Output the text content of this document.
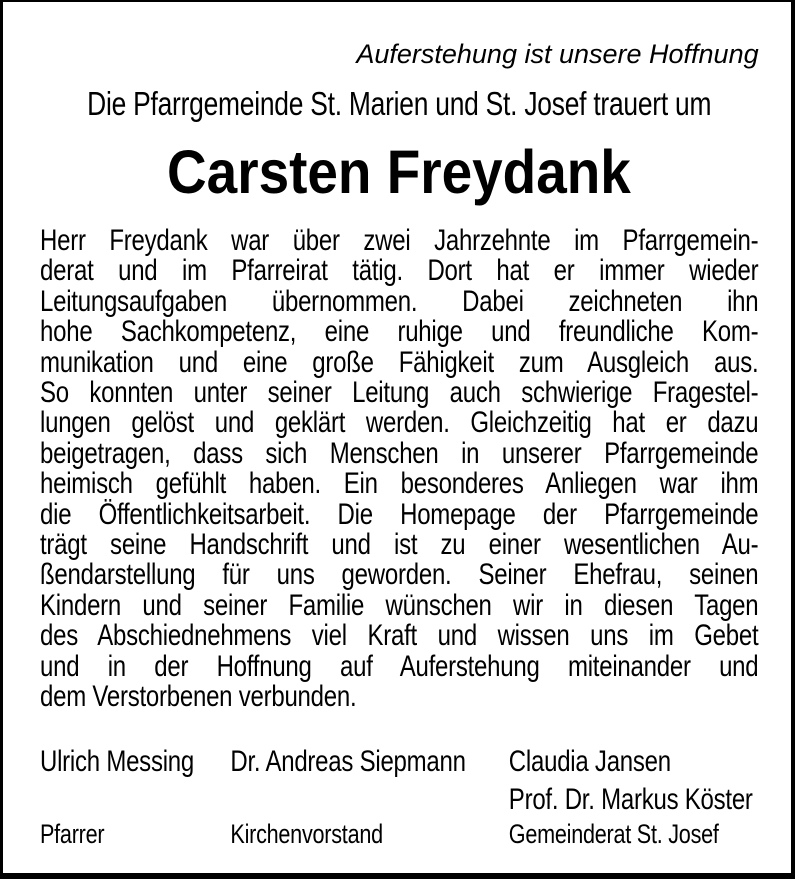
Auferstehung ist unsere Hoffnung
Die Pfarrgemeinde St. Marien und St. Josef trauert um
Carsten Freydank
Herr Freydank war über zwei Jahrzehnte im Pfarrgemein-
derat und im Pfarreirat tätig. Dort hat er immer wieder
Leitungsaufgaben übernommen. Dabei zeichneten ihn
hohe Sachkompetenz, eine ruhige und freundliche Kom-
munikation und eine große Fähigkeit zum Ausgleich aus.
So konnten unter seiner Leitung auch schwierige Fragestel-
lungen gelöst und geklärt werden. Gleichzeitig hat er dazu
beigetragen, dass sich Menschen in unserer Pfarrgemeinde
heimisch gefühlt haben. Ein besonderes Anliegen war ihm
die Öffentlichkeitsarbeit. Die Homepage der Pfarrgemeinde
trägt seine Handschrift und ist zu einer wesentlichen Au-
ßendarstellung für uns geworden. Seiner Ehefrau, seinen
Kindern und seiner Familie wünschen wir in diesen Tagen
des Abschiednehmens viel Kraft und wissen uns im Gebet
und in der Hoffnung auf Auferstehung miteinander und
dem Verstorbenen verbunden.
Ulrich Messing
Pfarrer
Dr. Andreas Siepmann
Kirchenvorstand
Claudia Jansen
Prof. Dr. Markus Köster
Gemeinderat St. Josef
